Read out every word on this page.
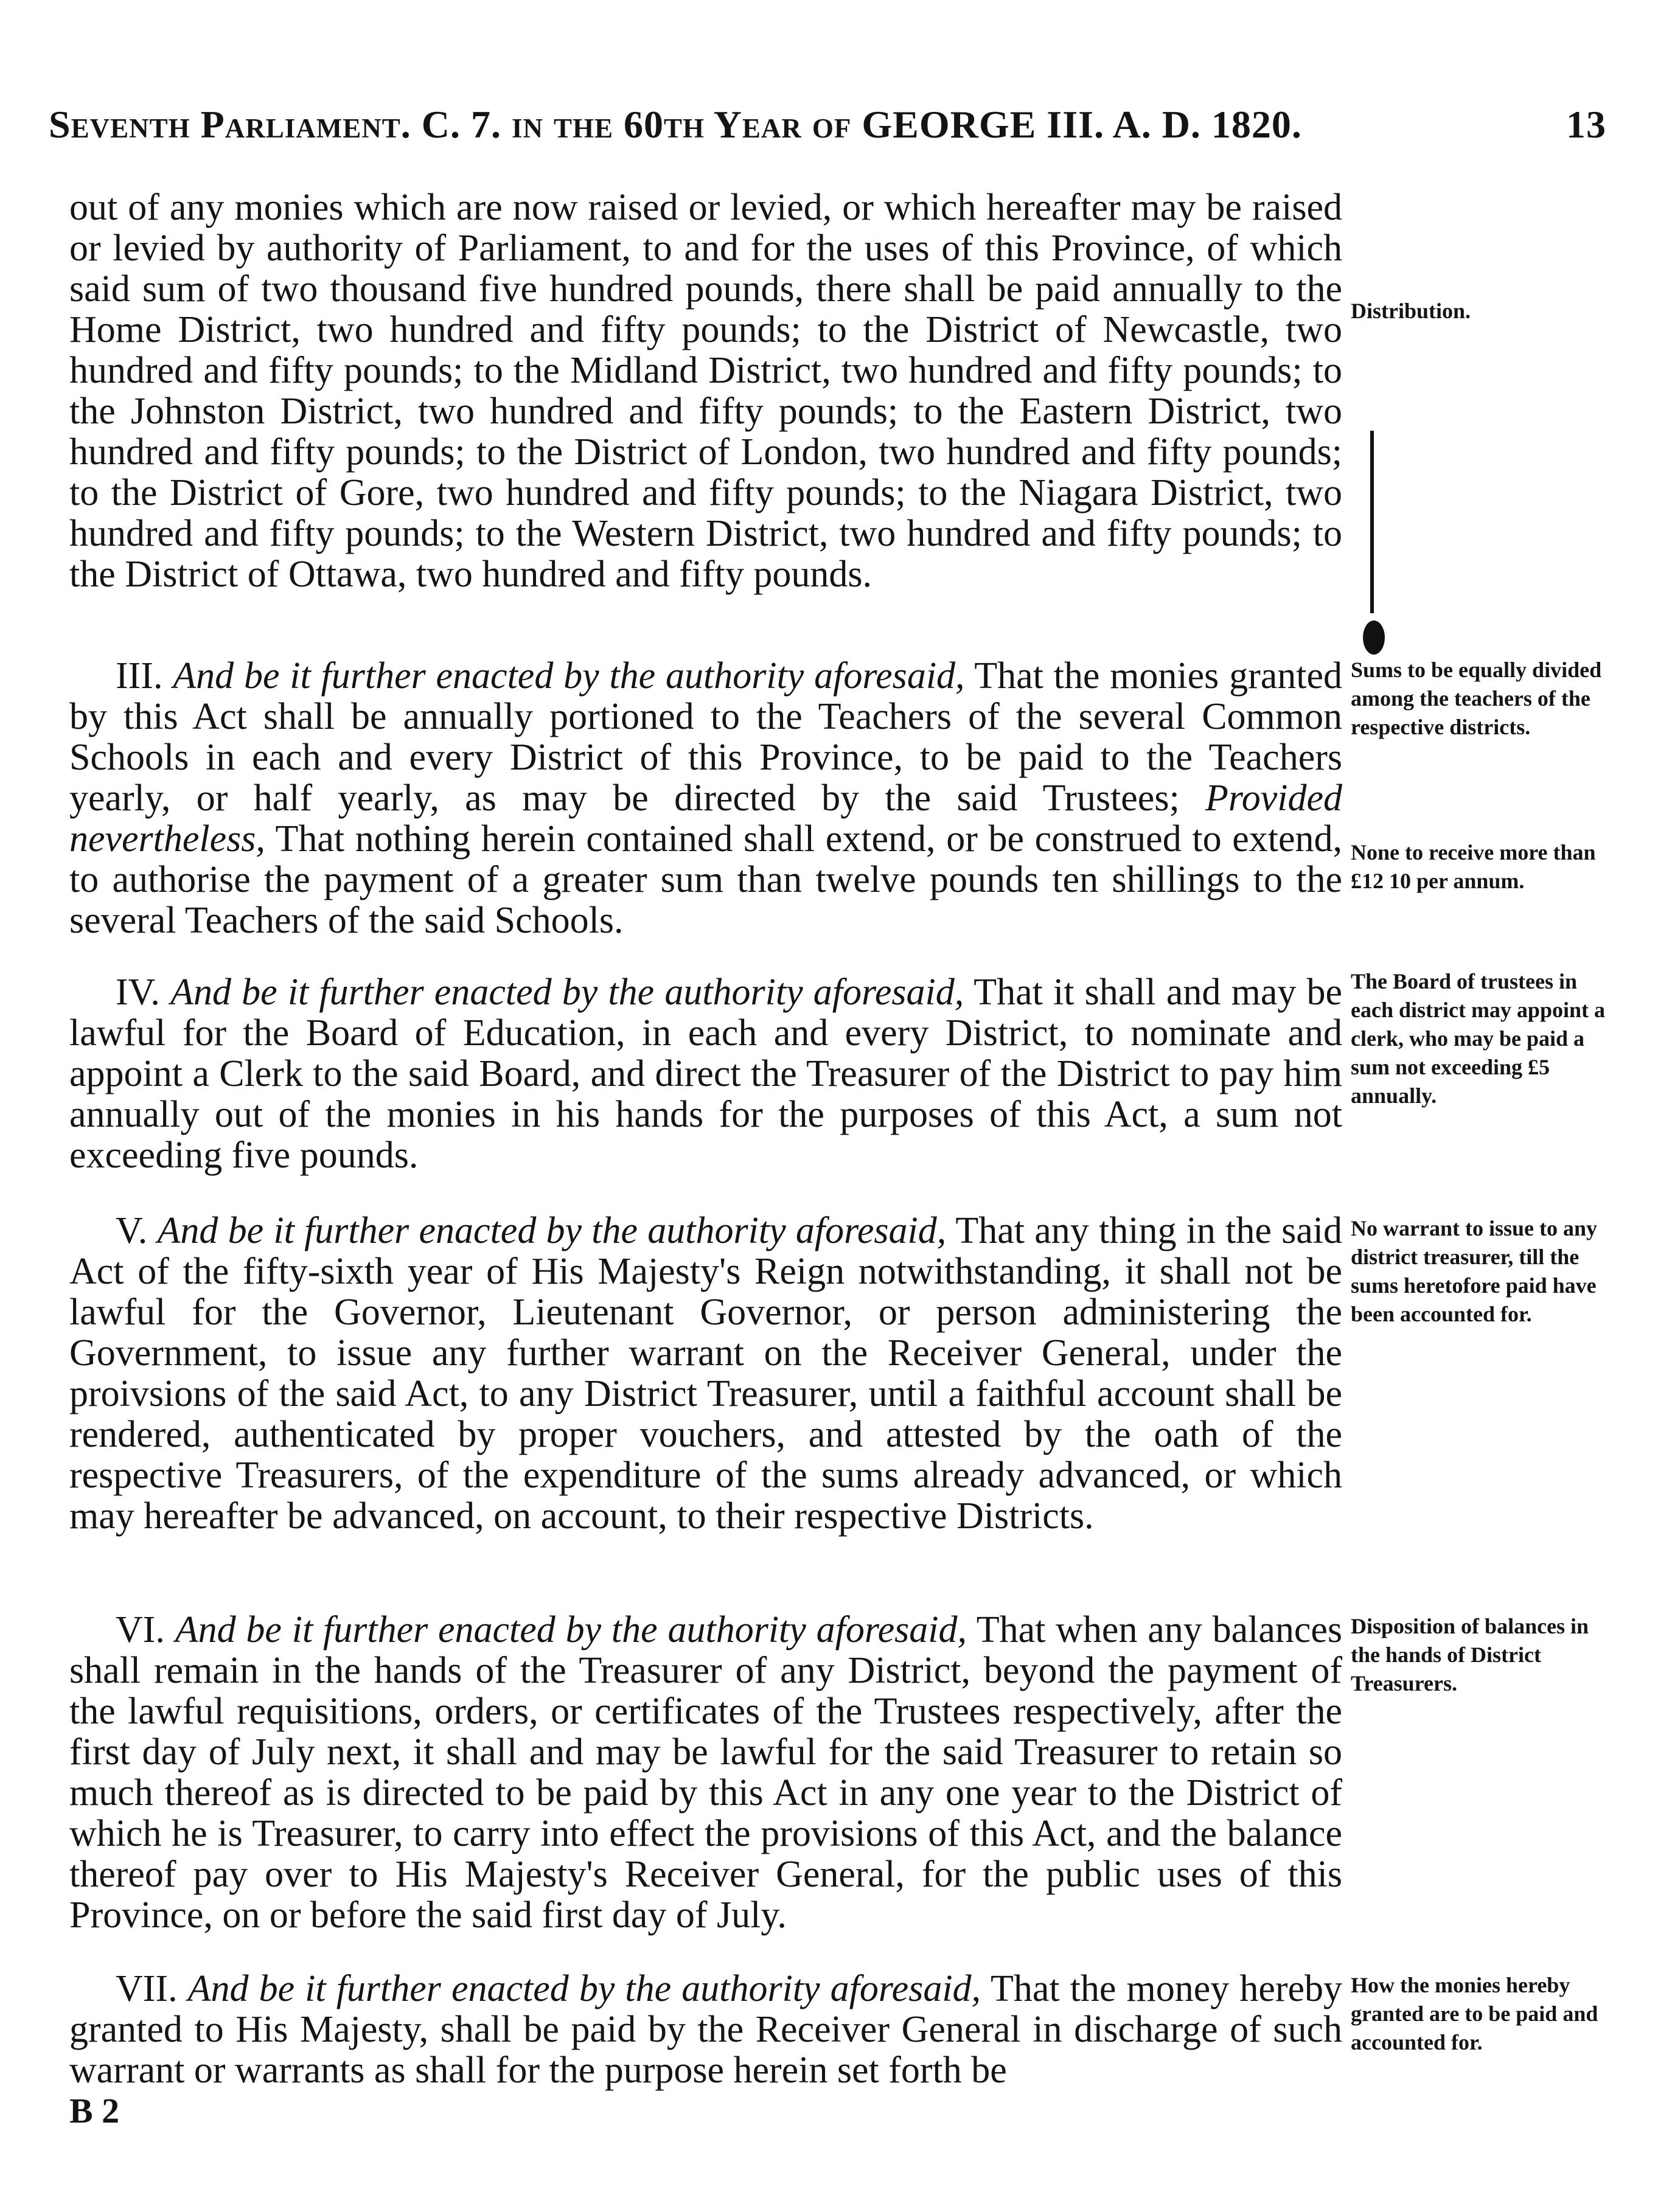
Seventh Parliament. C. 7. in the 60th Year of GEORGE III. A. D. 1820.	13

out of any monies which are now raised or levied, or which hereafter may be raised or levied by authority of Parliament, to and for the uses of this Province, of which said sum of two thousand five hundred pounds, there shall be paid annually to the Home District, two hundred and fifty pounds; to the District of Newcastle, two hundred and fifty pounds; to the Midland District, two hundred and fifty pounds; to the Johnston District, two hundred and fifty pounds; to the Eastern District, two hundred and fifty pounds; to the District of London, two hundred and fifty pounds; to the District of Gore, two hundred and fifty pounds; to the Niagara District, two hundred and fifty pounds; to the Western District, two hundred and fifty pounds; to the District of Ottawa, two hundred and fifty pounds.

III. And be it further enacted by the authority aforesaid, That the monies granted by this Act shall be annually portioned to the Teachers of the several Common Schools in each and every District of this Province, to be paid to the Teachers yearly, or half yearly, as may be directed by the said Trustees; Provided nevertheless, That nothing herein contained shall extend, or be construed to extend, to authorise the payment of a greater sum than twelve pounds ten shillings to the several Teachers of the said Schools.

IV. And be it further enacted by the authority aforesaid, That it shall and may be lawful for the Board of Education, in each and every District, to nominate and appoint a Clerk to the said Board, and direct the Treasurer of the District to pay him annually out of the monies in his hands for the purposes of this Act, a sum not exceeding five pounds.

V. And be it further enacted by the authority aforesaid, That any thing in the said Act of the fifty-sixth year of His Majesty's Reign notwithstanding, it shall not be lawful for the Governor, Lieutenant Governor, or person administering the Government, to issue any further warrant on the Receiver General, under the proivsions of the said Act, to any District Treasurer, until a faithful account shall be rendered, authenticated by proper vouchers, and attested by the oath of the respective Treasurers, of the expenditure of the sums already advanced, or which may hereafter be advanced, on account, to their respective Districts.

VI. And be it further enacted by the authority aforesaid, That when any balances shall remain in the hands of the Treasurer of any District, beyond the payment of the lawful requisitions, orders, or certificates of the Trustees respectively, after the first day of July next, it shall and may be lawful for the said Treasurer to retain so much thereof as is directed to be paid by this Act in any one year to the District of which he is Treasurer, to carry into effect the provisions of this Act, and the balance thereof pay over to His Majesty's Receiver General, for the public uses of this Province, on or before the said first day of July.

VII. And be it further enacted by the authority aforesaid, That the money hereby granted to His Majesty, shall be paid by the Receiver General in discharge of such warrant or warrants as shall for the purpose herein set forth be

Distribution.
Sums to be equally divided among the teachers of the respective districts.
None to receive more than £12 10 per annum.
The Board of trustees in each district may appoint a clerk, who may be paid a sum not exceeding £5 annually.
No warrant to issue to any district treasurer, till the sums heretofore paid have been accounted for.
Disposition of balances in the hands of District Treasurers.
How the monies hereby granted are to be paid and accounted for.
B 2
